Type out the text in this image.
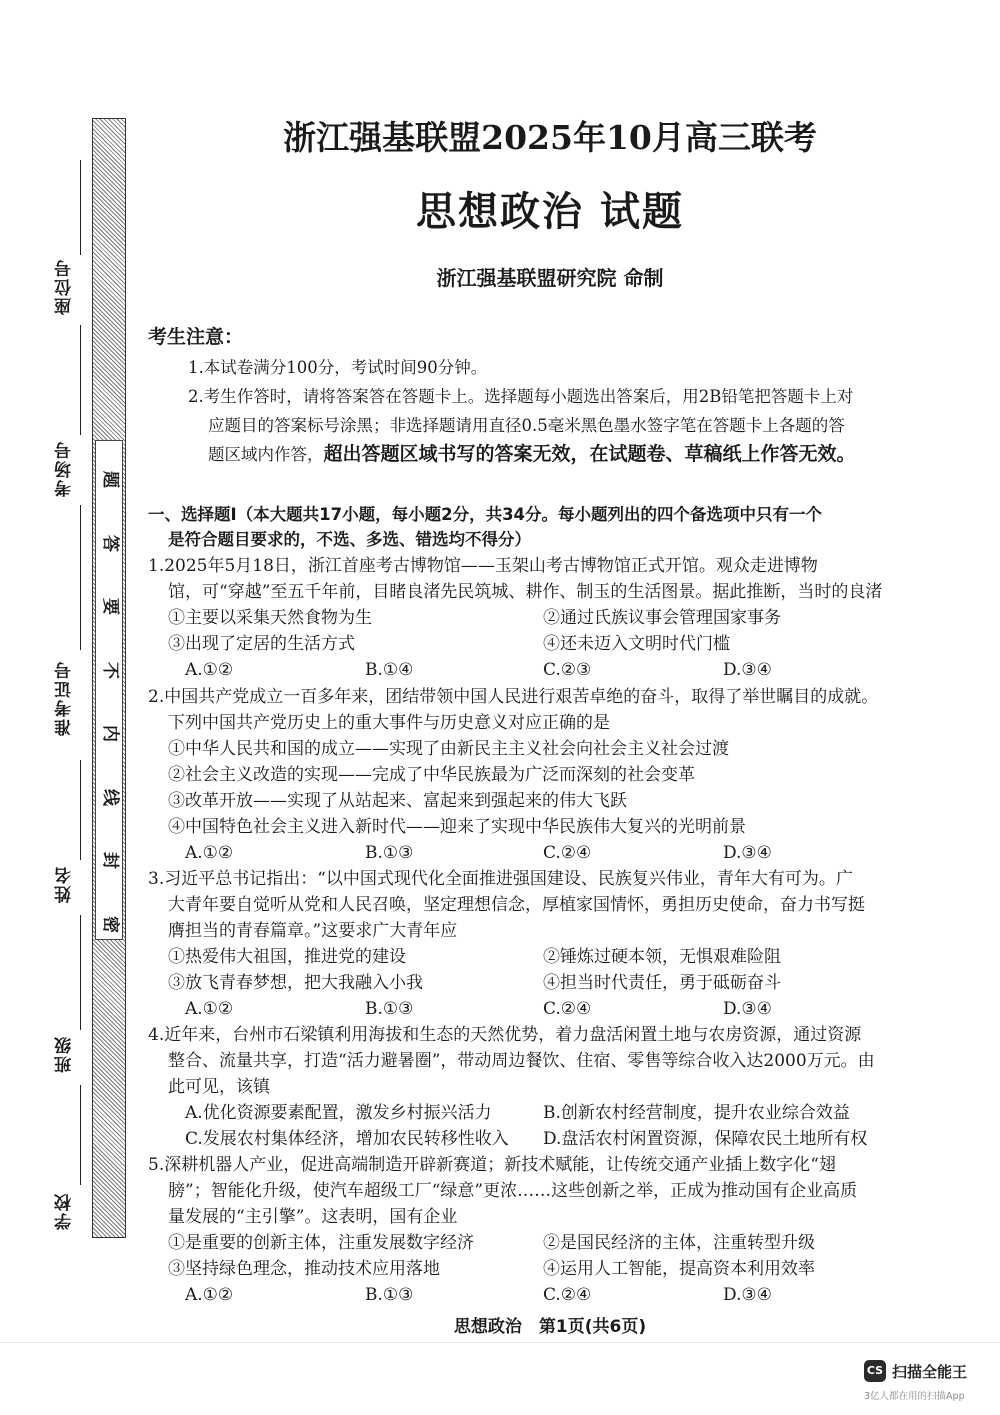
座位号
考场号
准考证号
姓名
班级
学校
题
答
要
不
内
线
封
密
浙江强基联盟2025年10月高三联考
思想政治 试题
浙江强基联盟研究院 命制
考生注意：
1.本试卷满分100分，考试时间90分钟。
2.考生作答时，请将答案答在答题卡上。选择题每小题选出答案后，用2B铅笔把答题卡上对
应题目的答案标号涂黑；非选择题请用直径0.5毫米黑色墨水签字笔在答题卡上各题的答
题区域内作答，超出答题区域书写的答案无效，在试题卷、草稿纸上作答无效。
一、选择题Ⅰ（本大题共17小题，每小题2分，共34分。每小题列出的四个备选项中只有一个
是符合题目要求的，不选、多选、错选均不得分）
1.2025年5月18日，浙江首座考古博物馆——玉架山考古博物馆正式开馆。观众走进博物
馆，可“穿越”至五千年前，目睹良渚先民筑城、耕作、制玉的生活图景。据此推断，当时的良渚
①主要以采集天然食物为生	②通过氏族议事会管理国家事务
③出现了定居的生活方式	④还未迈入文明时代门槛
A.①②	B.①④	C.②③	D.③④
2.中国共产党成立一百多年来，团结带领中国人民进行艰苦卓绝的奋斗，取得了举世瞩目的成就。
下列中国共产党历史上的重大事件与历史意义对应正确的是
①中华人民共和国的成立——实现了由新民主主义社会向社会主义社会过渡
②社会主义改造的实现——完成了中华民族最为广泛而深刻的社会变革
③改革开放——实现了从站起来、富起来到强起来的伟大飞跃
④中国特色社会主义进入新时代——迎来了实现中华民族伟大复兴的光明前景
A.①②	B.①③	C.②④	D.③④
3.习近平总书记指出：“以中国式现代化全面推进强国建设、民族复兴伟业，青年大有可为。广
大青年要自觉听从党和人民召唤，坚定理想信念，厚植家国情怀，勇担历史使命，奋力书写挺
膺担当的青春篇章。”这要求广大青年应
①热爱伟大祖国，推进党的建设	②锤炼过硬本领，无惧艰难险阻
③放飞青春梦想，把大我融入小我	④担当时代责任，勇于砥砺奋斗
A.①②	B.①③	C.②④	D.③④
4.近年来，台州市石梁镇利用海拔和生态的天然优势，着力盘活闲置土地与农房资源，通过资源
整合、流量共享，打造“活力避暑圈”，带动周边餐饮、住宿、零售等综合收入达2000万元。由
此可见，该镇
A.优化资源要素配置，激发乡村振兴活力	B.创新农村经营制度，提升农业综合效益
C.发展农村集体经济，增加农民转移性收入 D.盘活农村闲置资源，保障农民土地所有权
5.深耕机器人产业，促进高端制造开辟新赛道；新技术赋能，让传统交通产业插上数字化“翅
膀”；智能化升级，使汽车超级工厂“绿意”更浓……这些创新之举，正成为推动国有企业高质
量发展的“主引擎”。这表明，国有企业
①是重要的创新主体，注重发展数字经济	②是国民经济的主体，注重转型升级
③坚持绿色理念，推动技术应用落地	④运用人工智能，提高资本利用效率
A.①②	B.①③	C.②④	D.③④
思想政治　第1页(共6页)
CS 扫描全能王
3亿人都在用的扫描App
